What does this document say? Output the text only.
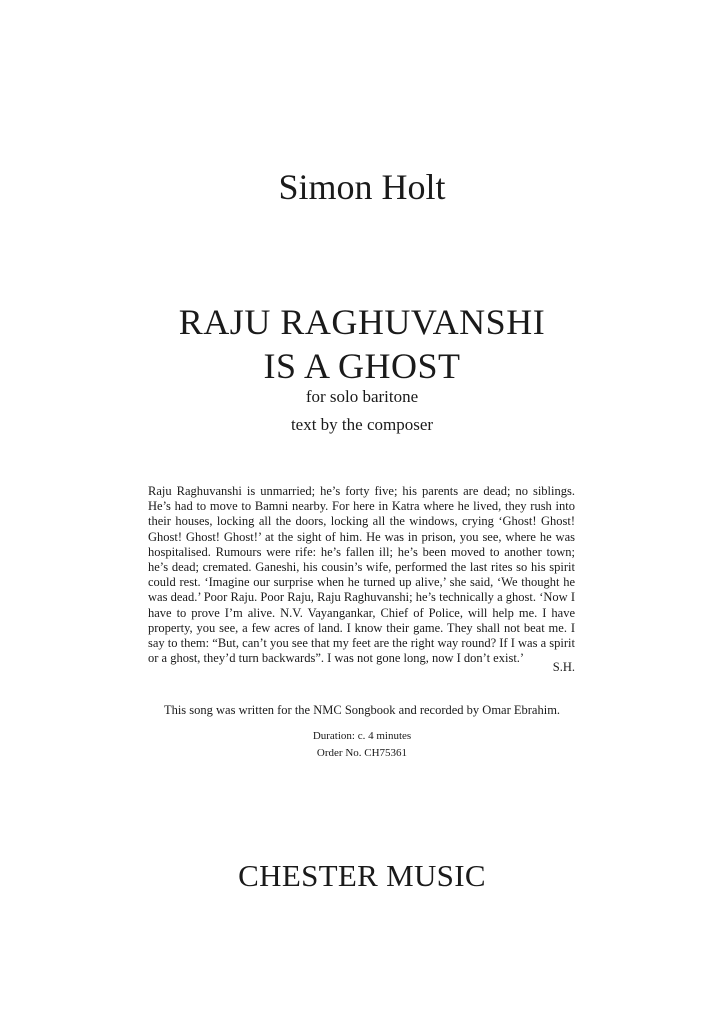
Simon Holt
RAJU RAGHUVANSHI
IS A GHOST
for solo baritone
text by the composer
Raju Raghuvanshi is unmarried; he’s forty five; his parents are dead; no siblings. He’s had to move to Bamni nearby. For here in Katra where he lived, they rush into their houses, locking all the doors, locking all the windows, crying ‘Ghost! Ghost! Ghost! Ghost! Ghost!’ at the sight of him. He was in prison, you see, where he was hospitalised. Rumours were rife: he’s fallen ill; he’s been moved to another town; he’s dead; cremated. Ganeshi, his cousin’s wife, performed the last rites so his spirit could rest. ‘Imagine our surprise when he turned up alive,’ she said, ‘We thought he was dead.’ Poor Raju. Poor Raju, Raju Raghuvanshi; he’s technically a ghost. ‘Now I have to prove I’m alive. N.V. Vayangankar, Chief of Police, will help me. I have property, you see, a few acres of land. I know their game. They shall not beat me. I say to them: “But, can’t you see that my feet are the right way round? If I was a spirit or a ghost, they’d turn backwards”. I was not gone long, now I don’t exist.’
S.H.
This song was written for the NMC Songbook and recorded by Omar Ebrahim.
Duration: c. 4 minutes
Order No. CH75361
CHESTER MUSIC
